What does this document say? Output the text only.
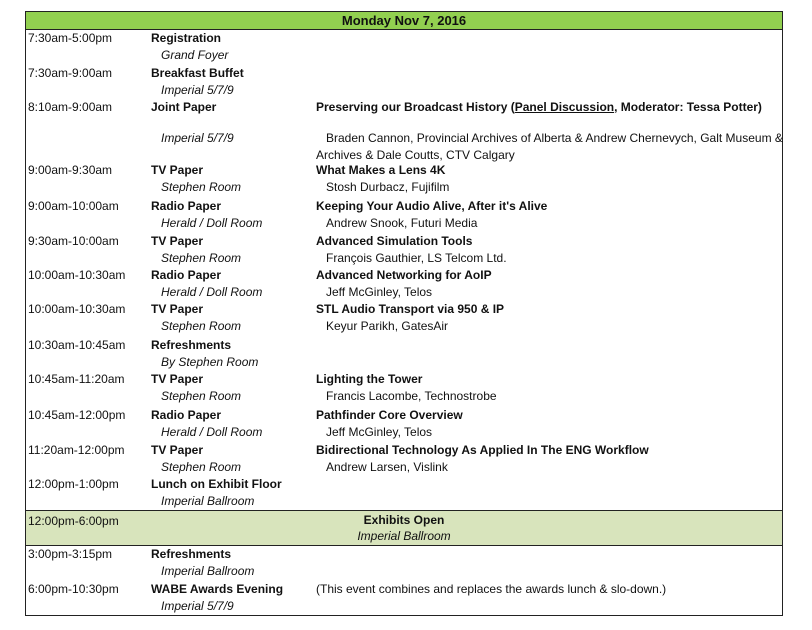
Monday Nov 7, 2016
7:30am-5:00pm	Registration
Grand Foyer
7:30am-9:00am	Breakfast Buffet
Imperial 5/7/9
8:10am-9:00am	Joint Paper	Preserving our Broadcast History (Panel Discussion, Moderator: Tessa Potter)
Imperial 5/7/9	Braden Cannon, Provincial Archives of Alberta & Andrew Chernevych, Galt Museum &
Archives & Dale Coutts, CTV Calgary
9:00am-9:30am	TV Paper	What Makes a Lens 4K
Stephen Room	Stosh Durbacz, Fujifilm
9:00am-10:00am	Radio Paper	Keeping Your Audio Alive, After it's Alive
Herald / Doll Room	Andrew Snook, Futuri Media
9:30am-10:00am	TV Paper	Advanced Simulation Tools
Stephen Room	François Gauthier, LS Telcom Ltd.
10:00am-10:30am Radio Paper	Advanced Networking for AoIP
Herald / Doll Room	Jeff McGinley, Telos
10:00am-10:30am TV Paper	STL Audio Transport via 950 & IP
Stephen Room	Keyur Parikh, GatesAir
10:30am-10:45am Refreshments
By Stephen Room
10:45am-11:20am TV Paper	Lighting the Tower
Stephen Room	Francis Lacombe, Technostrobe
10:45am-12:00pm Radio Paper	Pathfinder Core Overview
Herald / Doll Room	Jeff McGinley, Telos
11:20am-12:00pm TV Paper	Bidirectional Technology As Applied In The ENG Workflow
Stephen Room	Andrew Larsen, Vislink
12:00pm-1:00pm	Lunch on Exhibit Floor
Imperial Ballroom
12:00pm-6:00pm	Exhibits Open
Imperial Ballroom
3:00pm-3:15pm	Refreshments
Imperial Ballroom
6:00pm-10:30pm	WABE Awards Evening	(This event combines and replaces the awards lunch & slo-down.)
Imperial 5/7/9
